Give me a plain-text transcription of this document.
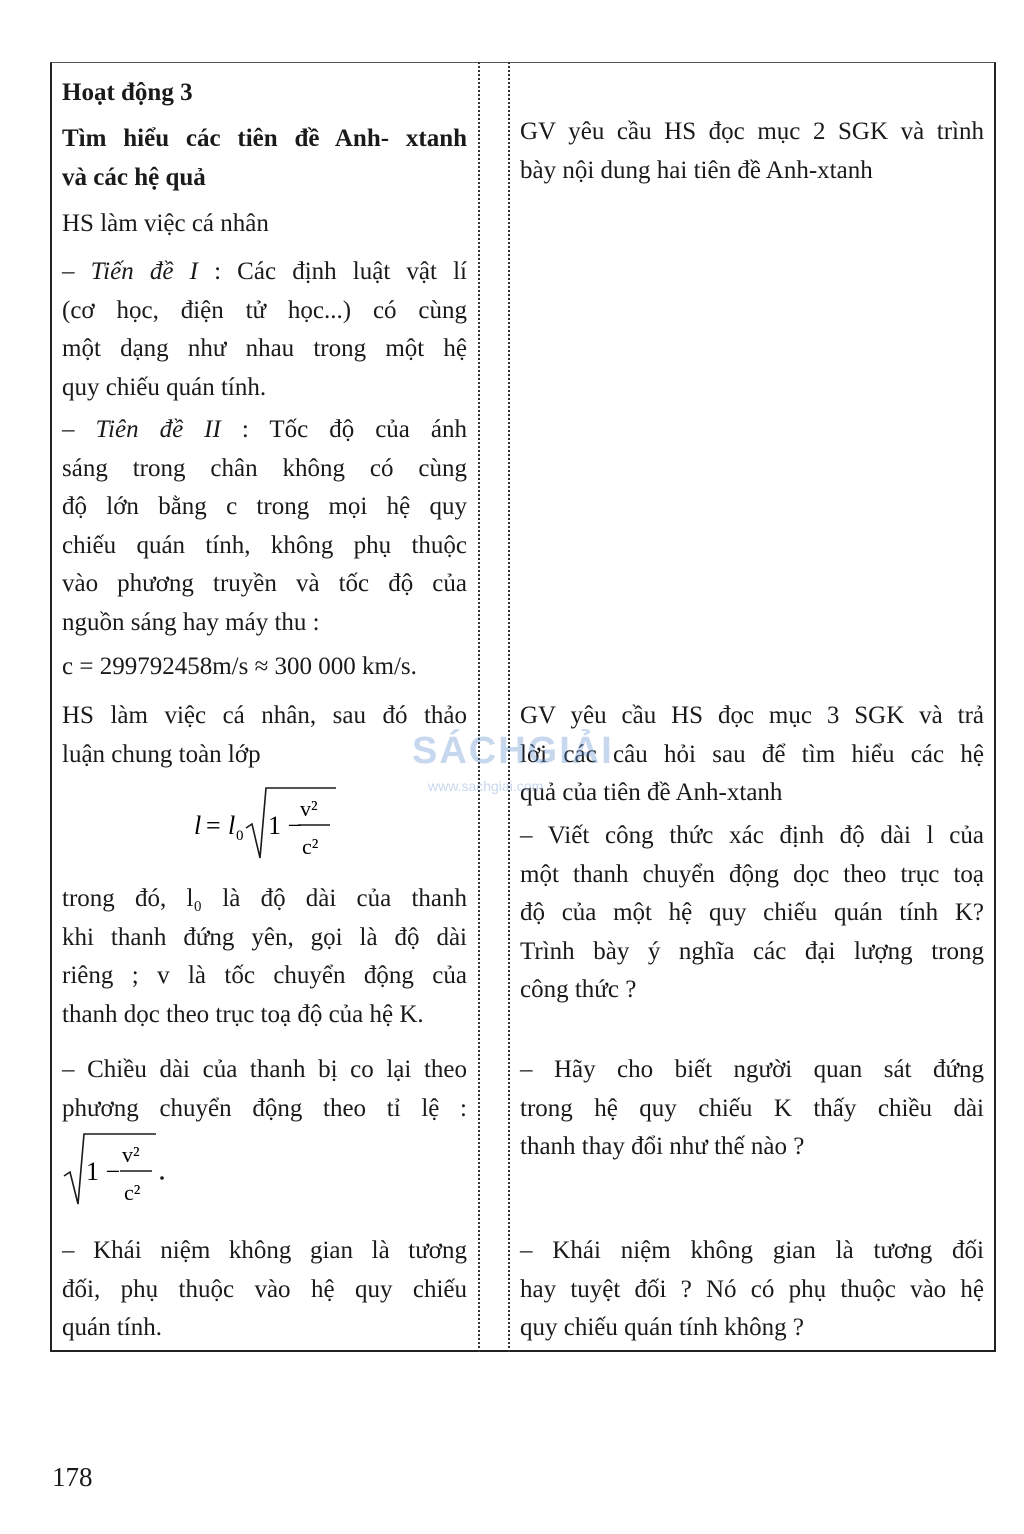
Hoạt động 3

Tìm hiểu các tiên đề Anh- xtanh

và các hệ quả

HS làm việc cá nhân

– Tiến đề I : Các định luật vật lí

(cơ học, điện tử học...) có cùng

một dạng như nhau trong một hệ

quy chiếu quán tính.

– Tiên đề II : Tốc độ của ánh

sáng trong chân không có cùng

độ lớn bằng c trong mọi hệ quy

chiếu quán tính, không phụ thuộc

vào phương truyền và tốc độ của

nguồn sáng hay máy thu :

c = 299792458m/s ≈ 300 000 km/s.

HS làm việc cá nhân, sau đó thảo

luận chung toàn lớp

l = l 0 1 −
v²
c²

trong đó, l₀ là độ dài của thanh

khi thanh đứng yên, gọi là độ dài

riêng ; v là tốc chuyển động của

thanh dọc theo trục toạ độ của hệ K.

– Chiều dài của thanh bị co lại theo

phương chuyển động theo tỉ lệ :

1 −
v²
c²

– Khái niệm không gian là tương

đối, phụ thuộc vào hệ quy chiếu

quán tính.

GV yêu cầu HS đọc mục 2 SGK và trình

bày nội dung hai tiên đề Anh-xtanh

GV yêu cầu HS đọc mục 3 SGK và trả

lời các câu hỏi sau để tìm hiểu các hệ

quả của tiên đề Anh-xtanh

– Viết công thức xác định độ dài l của

một thanh chuyển động dọc theo trục toạ

độ của một hệ quy chiếu quán tính K?

Trình bày ý nghĩa các đại lượng trong

công thức ?

– Hãy cho biết người quan sát đứng

trong hệ quy chiếu K thấy chiều dài

thanh thay đổi như thế nào ?

– Khái niệm không gian là tương đối

hay tuyệt đối ? Nó có phụ thuộc vào hệ

quy chiếu quán tính không ?

SÁCHGIẢI
www.sachgiai.com
178
